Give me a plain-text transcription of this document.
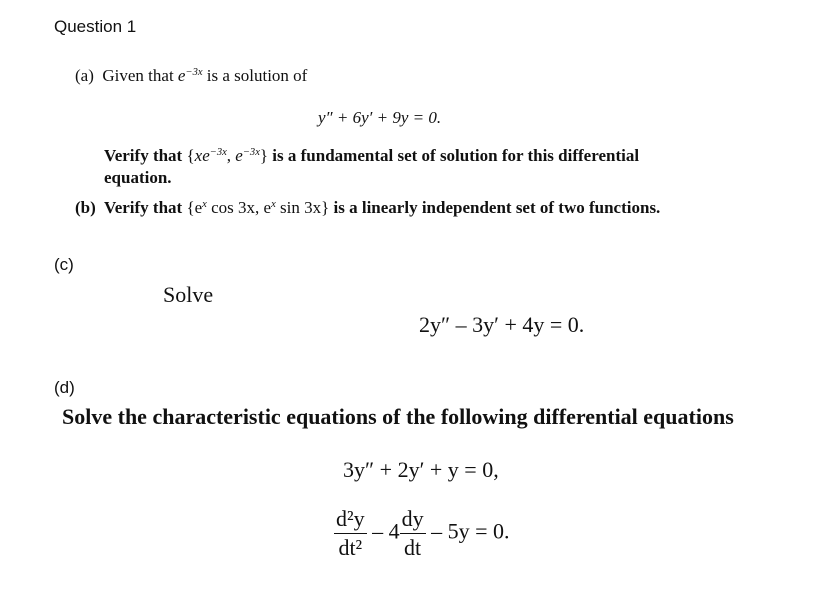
Question 1
(a) Given that $e^{-3x}$ is a solution of
y″ + 6y′ + 9y = 0.
Verify that {$xe^{-3x}$, $e^{-3x}$} is a fundamental set of solution for this differential
equation.
(b) Verify that {$e^x$ cos 3x, $e^x$ sin 3x} is a linearly independent set of two functions.
(c)
Solve
2y″ – 3y′ + 4y = 0.
(d)
Solve the characteristic equations of the following differential equations
3y″ + 2y′ + y = 0,
$\frac{\text{d²y}}{\text{dt²}} - 4 \frac{dy}{dt} - 5y = 0$.
